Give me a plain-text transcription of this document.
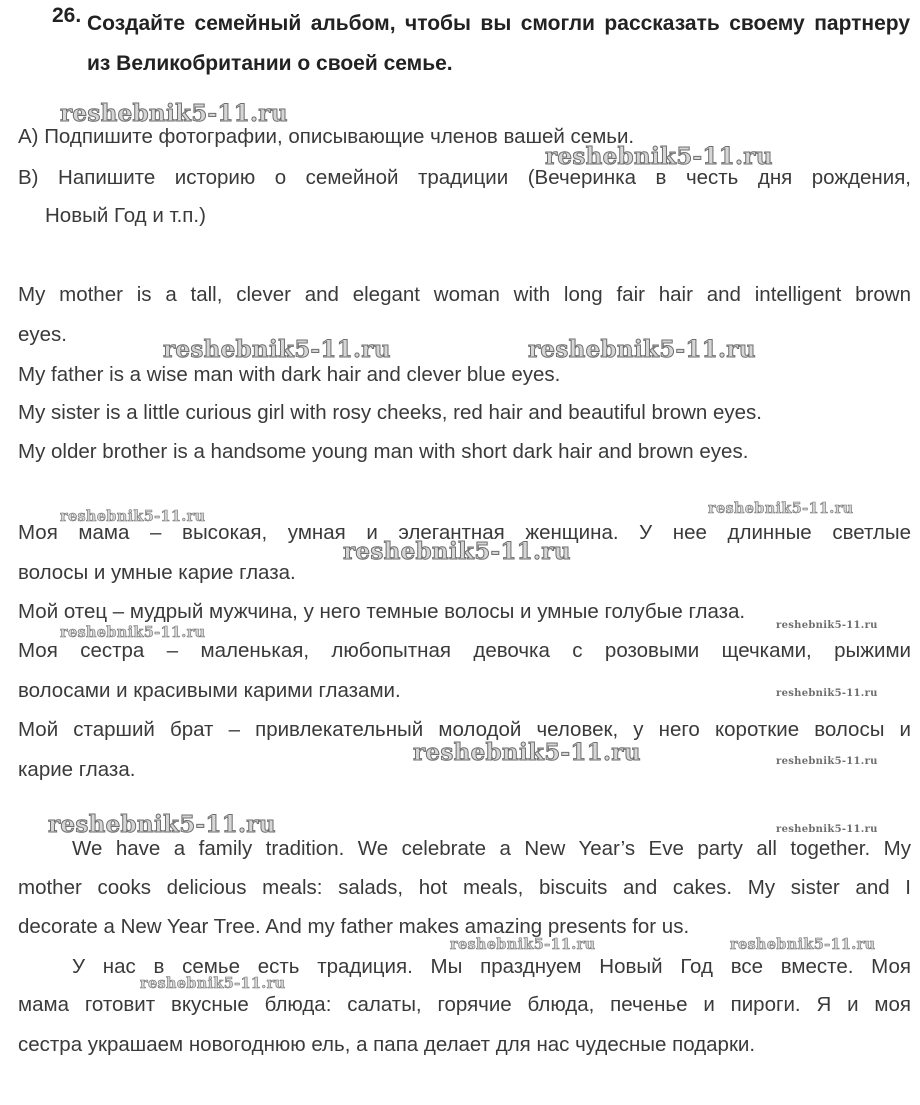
26. Создайте семейный альбом, чтобы вы смогли рассказать своему партнеру из Великобритании о своей семье.
А) Подпишите фотографии, описывающие членов вашей семьи.
В) Напишите историю о семейной традиции (Вечеринка в честь дня рождения,
Новый Год и т.п.)
My mother is a tall, clever and elegant woman with long fair hair and intelligent brown
eyes.
My father is a wise man with dark hair and clever blue eyes.
My sister is a little curious girl with rosy cheeks, red hair and beautiful brown eyes.
My older brother is a handsome young man with short dark hair and brown eyes.
Моя мама – высокая, умная и элегантная женщина. У нее длинные светлые
волосы и умные карие глаза.
Мой отец – мудрый мужчина, у него темные волосы и умные голубые глаза.
Моя сестра – маленькая, любопытная девочка с розовыми щечками, рыжими
волосами и красивыми карими глазами.
Мой старший брат – привлекательный молодой человек, у него короткие волосы и
карие глаза.
We have a family tradition. We celebrate a New Year’s Eve party all together. My
mother cooks delicious meals: salads, hot meals, biscuits and cakes. My sister and I
decorate a New Year Tree. And my father makes amazing presents for us.
У нас в семье есть традиция. Мы празднуем Новый Год все вместе. Моя
мама готовит вкусные блюда: салаты, горячие блюда, печенье и пироги. Я и моя
сестра украшаем новогоднюю ель, а папа делает для нас чудесные подарки.
reshebnik5-11.ru
reshebnik5-11.ru
reshebnik5-11.ru	reshebnik5-11.ru
reshebnik5-11.ru	reshebnik5-11.ru
reshebnik5-11.ru
reshebnik5-11.ru	reshebnik5-11.ru
reshebnik5-11.ru
reshebnik5-11.ru	reshebnik5-11.ru
reshebnik5-11.ru	reshebnik5-11.ru
reshebnik5-11.ru	reshebnik5-11.ru
reshebnik5-11.ru
